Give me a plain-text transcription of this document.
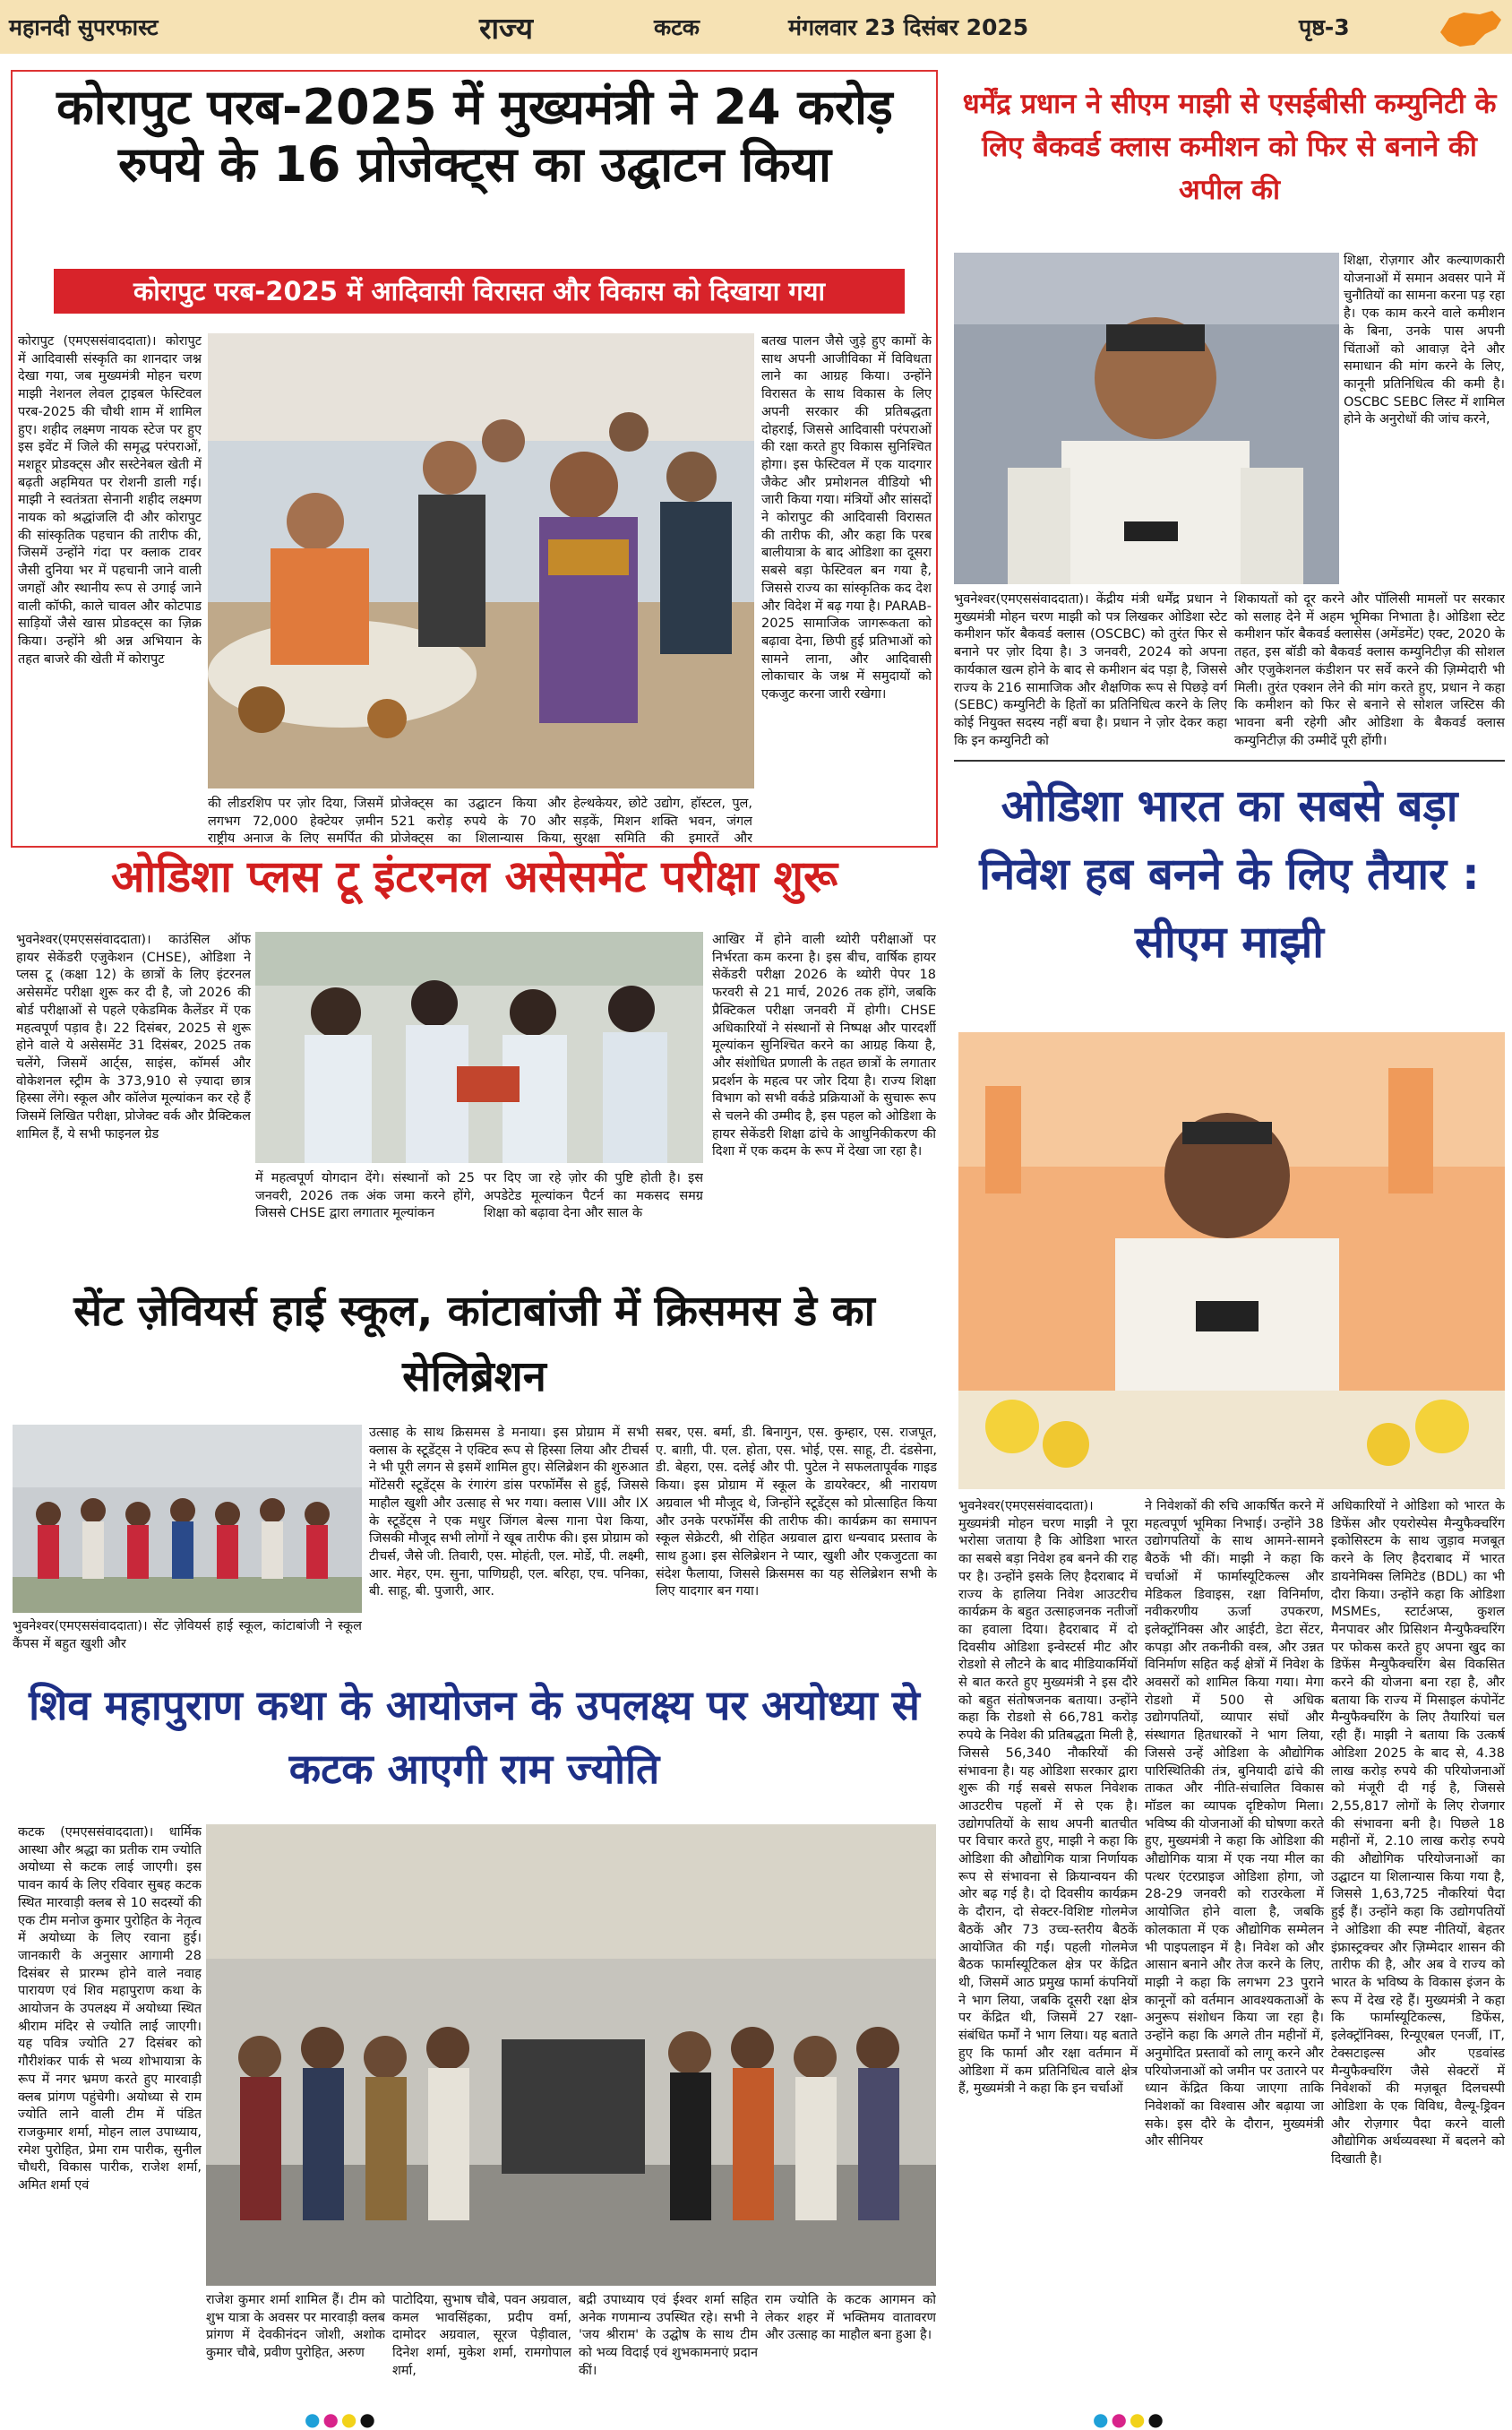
महानदी सुपरफास्ट	राज्य	कटक	मंगलवार 23 दिसंबर 2025	पृष्ठ-3
कोरापुट परब-2025 में मुख्यमंत्री ने 24 करोड़ रुपये के 16 प्रोजेक्ट्स का उद्घाटन किया
कोरापुट परब-2025 में आदिवासी विरासत और विकास को दिखाया गया
कोरापुट (एमएससंवाददाता)। कोरापुट में आदिवासी संस्कृति का शानदार जश्न देखा गया, जब मुख्यमंत्री मोहन चरण माझी नेशनल लेवल ट्राइबल फेस्टिवल परब-2025 की चौथी शाम में शामिल हुए। शहीद लक्ष्मण नायक स्टेज पर हुए इस इवेंट में जिले की समृद्ध परंपराओं, मशहूर प्रोडक्ट्स और सस्टेनेबल खेती में बढ़ती अहमियत पर रोशनी डाली गई। माझी ने स्वतंत्रता सेनानी शहीद लक्ष्मण नायक को श्रद्धांजलि दी और कोरापुट की सांस्कृतिक पहचान की तारीफ की, जिसमें उन्होंने गंदा पर क्लाक टावर जैसी दुनिया भर में पहचानी जाने वाली जगहों और स्थानीय रूप से उगाई जाने वाली कॉफी, काले चावल और कोटपाड साड़ियों जैसे खास प्रोडक्ट्स का ज़िक्र किया। उन्होंने श्री अन्न अभियान के तहत बाजरे की खेती में कोरापुट
की लीडरशिप पर ज़ोर दिया, जिसमें लगभग 72,000 हेक्टेयर ज़मीन राष्ट्रीय अनाज के लिए समर्पित की
प्रोजेक्ट्स का उद्घाटन किया और 521 करोड़ रुपये के 70 और प्रोजेक्ट्स का शिलान्यास किया,
हेल्थकेयर, छोटे उद्योग, हॉस्टल, पुल, सड़कें, मिशन शक्ति भवन, जंगल सुरक्षा समिति की इमारतें और
बतख पालन जैसे जुड़े हुए कामों के साथ अपनी आजीविका में विविधता लाने का आग्रह किया। उन्होंने विरासत के साथ विकास के लिए अपनी सरकार की प्रतिबद्धता दोहराई, जिससे आदिवासी परंपराओं की रक्षा करते हुए विकास सुनिश्चित होगा। इस फेस्टिवल में एक यादगार जैकेट और प्रमोशनल वीडियो भी जारी किया गया। मंत्रियों और सांसदों ने कोरापुट की आदिवासी विरासत की तारीफ की, और कहा कि परब बालीयात्रा के बाद ओडिशा का दूसरा सबसे बड़ा फेस्टिवल बन गया है, जिससे राज्य का सांस्कृतिक कद देश और विदेश में बढ़ गया है। PARAB-2025 सामाजिक जागरूकता को बढ़ावा देना, छिपी हुई प्रतिभाओं को सामने लाना, और आदिवासी लोकाचार के जश्न में समुदायों को एकजुट करना जारी रखेगा।
धर्मेंद्र प्रधान ने सीएम माझी से एसईबीसी कम्युनिटी के लिए बैकवर्ड क्लास कमीशन को फिर से बनाने की अपील की
शिक्षा, रोज़गार और कल्याणकारी योजनाओं में समान अवसर पाने में चुनौतियों का सामना करना पड़ रहा है। एक काम करने वाले कमीशन के बिना, उनके पास अपनी चिंताओं को आवाज़ देने और समाधान की मांग करने के लिए, कानूनी प्रतिनिधित्व की कमी है। OSCBC SEBC लिस्ट में शामिल होने के अनुरोधों की जांच करने,
भुवनेश्वर(एमएससंवाददाता)। केंद्रीय मंत्री धर्मेंद्र प्रधान ने मुख्यमंत्री मोहन चरण माझी को पत्र लिखकर ओडिशा स्टेट कमीशन फॉर बैकवर्ड क्लास (OSCBC) को तुरंत फिर से बनाने पर ज़ोर दिया है। 3 जनवरी, 2024 को अपना कार्यकाल खत्म होने के बाद से कमीशन बंद पड़ा है, जिससे राज्य के 216 सामाजिक और शैक्षणिक रूप से पिछड़े वर्ग (SEBC) कम्युनिटी के हितों का प्रतिनिधित्व करने के लिए कोई नियुक्त सदस्य नहीं बचा है। प्रधान ने ज़ोर देकर कहा कि इन कम्युनिटी को
शिकायतों को दूर करने और पॉलिसी मामलों पर सरकार को सलाह देने में अहम भूमिका निभाता है। ओडिशा स्टेट कमीशन फॉर बैकवर्ड क्लासेस (अमेंडमेंट) एक्ट, 2020 के तहत, इस बॉडी को बैकवर्ड क्लास कम्युनिटीज़ की सोशल और एजुकेशनल कंडीशन पर सर्वे करने की ज़िम्मेदारी भी मिली। तुरंत एक्शन लेने की मांग करते हुए, प्रधान ने कहा कि कमीशन को फिर से बनाने से सोशल जस्टिस की भावना बनी रहेगी और ओडिशा के बैकवर्ड क्लास कम्युनिटीज़ की उम्मीदें पूरी होंगी।
ओडिशा भारत का सबसे बड़ा निवेश हब बनने के लिए तैयार : सीएम माझी
भुवनेश्वर(एमएससंवाददाता)। मुख्यमंत्री मोहन चरण माझी ने पूरा भरोसा जताया है कि ओडिशा भारत का सबसे बड़ा निवेश हब बनने की राह पर है। उन्होंने इसके लिए हैदराबाद में राज्य के हालिया निवेश आउटरीच कार्यक्रम के बहुत उत्साहजनक नतीजों का हवाला दिया। हैदराबाद में दो दिवसीय ओडिशा इन्वेस्टर्स मीट और रोडशो से लौटने के बाद मीडियाकर्मियों से बात करते हुए मुख्यमंत्री ने इस दौरे को बहुत संतोषजनक बताया। उन्होंने कहा कि रोडशो से 66,781 करोड़ रुपये के निवेश की प्रतिबद्धता मिली है, जिससे 56,340 नौकरियों की संभावना है। यह ओडिशा सरकार द्वारा शुरू की गई सबसे सफल निवेशक आउटरीच पहलों में से एक है। उद्योगपतियों के साथ अपनी बातचीत पर विचार करते हुए, माझी ने कहा कि ओडिशा की औद्योगिक यात्रा निर्णायक रूप से संभावना से क्रियान्वयन की ओर बढ़ गई है। दो दिवसीय कार्यक्रम के दौरान, दो सेक्टर-विशिष्ट गोलमेज बैठकें और 73 उच्च-स्तरीय बैठकें आयोजित की गईं। पहली गोलमेज बैठक फार्मास्यूटिकल क्षेत्र पर केंद्रित थी, जिसमें आठ प्रमुख फार्मा कंपनियों ने भाग लिया, जबकि दूसरी रक्षा क्षेत्र पर केंद्रित थी, जिसमें 27 रक्षा-संबंधित फर्मों ने भाग लिया। यह बताते हुए कि फार्मा और रक्षा वर्तमान में ओडिशा में कम प्रतिनिधित्व वाले क्षेत्र हैं, मुख्यमंत्री ने कहा कि इन चर्चाओं
ने निवेशकों की रुचि आकर्षित करने में महत्वपूर्ण भूमिका निभाई। उन्होंने 38 उद्योगपतियों के साथ आमने-सामने बैठकें भी कीं। माझी ने कहा कि चर्चाओं में फार्मास्यूटिकल्स और मेडिकल डिवाइस, रक्षा विनिर्माण, नवीकरणीय ऊर्जा उपकरण, इलेक्ट्रॉनिक्स और आईटी, डेटा सेंटर, कपड़ा और तकनीकी वस्त्र, और उन्नत विनिर्माण सहित कई क्षेत्रों में निवेश के अवसरों को शामिल किया गया। मेगा रोडशो में 500 से अधिक उद्योगपतियों, व्यापार संघों और संस्थागत हितधारकों ने भाग लिया, जिससे उन्हें ओडिशा के औद्योगिक पारिस्थितिकी तंत्र, बुनियादी ढांचे की ताकत और नीति-संचालित विकास मॉडल का व्यापक दृष्टिकोण मिला। भविष्य की योजनाओं की घोषणा करते हुए, मुख्यमंत्री ने कहा कि ओडिशा की औद्योगिक यात्रा में एक नया मील का पत्थर एंटरप्राइज ओडिशा होगा, जो 28-29 जनवरी को राउरकेला में आयोजित होने वाला है, जबकि कोलकाता में एक औद्योगिक सम्मेलन भी पाइपलाइन में है। निवेश को और आसान बनाने और तेज करने के लिए, माझी ने कहा कि लगभग 23 पुराने कानूनों को वर्तमान आवश्यकताओं के अनुरूप संशोधन किया जा रहा है। उन्होंने कहा कि अगले तीन महीनों में, अनुमोदित प्रस्तावों को लागू करने और परियोजनाओं को जमीन पर उतारने पर ध्यान केंद्रित किया जाएगा ताकि निवेशकों का विश्वास और बढ़ाया जा सके। इस दौरे के दौरान, मुख्यमंत्री और सीनियर
अधिकारियों ने ओडिशा को भारत के डिफेंस और एयरोस्पेस मैन्युफैक्चरिंग इकोसिस्टम के साथ जुड़ाव मजबूत करने के लिए हैदराबाद में भारत डायनेमिक्स लिमिटेड (BDL) का भी दौरा किया। उन्होंने कहा कि ओडिशा MSMEs, स्टार्टअप्स, कुशल मैनपावर और प्रिसिशन मैन्युफैक्चरिंग पर फोकस करते हुए अपना खुद का डिफेंस मैन्युफैक्चरिंग बेस विकसित करने की योजना बना रहा है, और बताया कि राज्य में मिसाइल कंपोनेंट मैन्युफैक्चरिंग के लिए तैयारियां चल रही हैं। माझी ने बताया कि उत्कर्ष ओडिशा 2025 के बाद से, 4.38 लाख करोड़ रुपये की परियोजनाओं को मंजूरी दी गई है, जिससे 2,55,817 लोगों के लिए रोजगार की संभावना बनी है। पिछले 18 महीनों में, 2.10 लाख करोड़ रुपये की औद्योगिक परियोजनाओं का उद्घाटन या शिलान्यास किया गया है, जिससे 1,63,725 नौकरियां पैदा हुई हैं। उन्होंने कहा कि उद्योगपतियों ने ओडिशा की स्पष्ट नीतियों, बेहतर इंफ्रास्ट्रक्चर और ज़िम्मेदार शासन की तारीफ की है, और अब वे राज्य को भारत के भविष्य के विकास इंजन के रूप में देख रहे हैं। मुख्यमंत्री ने कहा कि फार्मास्यूटिकल्स, डिफेंस, इलेक्ट्रॉनिक्स, रिन्यूएबल एनर्जी, IT, टेक्सटाइल्स और एडवांस्ड मैन्युफैक्चरिंग जैसे सेक्टरों में निवेशकों की मज़बूत दिलचस्पी ओडिशा के एक विविध, वैल्यू-ड्रिवन और रोज़गार पैदा करने वाली औद्योगिक अर्थव्यवस्था में बदलने को दिखाती है।
ओडिशा प्लस टू इंटरनल असेसमेंट परीक्षा शुरू
भुवनेश्वर(एमएससंवाददाता)। काउंसिल ऑफ हायर सेकेंडरी एजुकेशन (CHSE), ओडिशा ने प्लस टू (कक्षा 12) के छात्रों के लिए इंटरनल असेसमेंट परीक्षा शुरू कर दी है, जो 2026 की बोर्ड परीक्षाओं से पहले एकेडमिक कैलेंडर में एक महत्वपूर्ण पड़ाव है। 22 दिसंबर, 2025 से शुरू होने वाले ये असेसमेंट 31 दिसंबर, 2025 तक चलेंगे, जिसमें आर्ट्स, साइंस, कॉमर्स और वोकेशनल स्ट्रीम के 373,910 से ज़्यादा छात्र हिस्सा लेंगे। स्कूल और कॉलेज मूल्यांकन कर रहे हैं जिसमें लिखित परीक्षा, प्रोजेक्ट वर्क और प्रैक्टिकल शामिल हैं, ये सभी फाइनल ग्रेड
में महत्वपूर्ण योगदान देंगे। संस्थानों को 25 जनवरी, 2026 तक अंक जमा करने होंगे, जिससे CHSE द्वारा लगातार मूल्यांकन
पर दिए जा रहे ज़ोर की पुष्टि होती है। इस अपडेटेड मूल्यांकन पैटर्न का मकसद समग्र शिक्षा को बढ़ावा देना और साल के
आखिर में होने वाली थ्योरी परीक्षाओं पर निर्भरता कम करना है। इस बीच, वार्षिक हायर सेकेंडरी परीक्षा 2026 के थ्योरी पेपर 18 फरवरी से 21 मार्च, 2026 तक होंगे, जबकि प्रैक्टिकल परीक्षा जनवरी में होगी। CHSE अधिकारियों ने संस्थानों से निष्पक्ष और पारदर्शी मूल्यांकन सुनिश्चित करने का आग्रह किया है, और संशोधित प्रणाली के तहत छात्रों के लगातार प्रदर्शन के महत्व पर जोर दिया है। राज्य शिक्षा विभाग को सभी वर्कडे प्रक्रियाओं के सुचारू रूप से चलने की उम्मीद है, इस पहल को ओडिशा के हायर सेकेंडरी शिक्षा ढांचे के आधुनिकीकरण की दिशा में एक कदम के रूप में देखा जा रहा है।
सेंट ज़ेवियर्स हाई स्कूल, कांटाबांजी में क्रिसमस डे का सेलिब्रेशन
भुवनेश्वर(एमएससंवाददाता)। सेंट ज़ेवियर्स हाई स्कूल, कांटाबांजी ने स्कूल कैंपस में बहुत खुशी और
उत्साह के साथ क्रिसमस डे मनाया। इस प्रोग्राम में सभी क्लास के स्टूडेंट्स ने एक्टिव रूप से हिस्सा लिया और टीचर्स ने भी पूरी लगन से इसमें शामिल हुए। सेलिब्रेशन की शुरुआत मोंटेसरी स्टूडेंट्स के रंगारंग डांस परफॉर्मेंस से हुई, जिससे माहौल खुशी और उत्साह से भर गया। क्लास VIII और IX के स्टूडेंट्स ने एक मधुर जिंगल बेल्स गाना पेश किया, जिसकी मौजूद सभी लोगों ने खूब तारीफ की। इस प्रोग्राम को टीचर्स, जैसे जी. तिवारी, एस. मोहंती, एल. मोर्डे, पी. लक्ष्मी, आर. मेहर, एम. सुना, पाणिग्रही, एल. बरिहा, एच. पनिका, बी. साहू, बी. पुजारी, आर.
सबर, एस. बर्मा, डी. बिनागुन, एस. कुम्हार, एस. राजपूत, ए. बाग़ी, पी. एल. होता, एस. भोई, एस. साहू, टी. दंडसेना, डी. बेहरा, एस. दलेई और पी. पुटेल ने सफलतापूर्वक गाइड किया। इस प्रोग्राम में स्कूल के डायरेक्टर, श्री नारायण अग्रवाल भी मौजूद थे, जिन्होंने स्टूडेंट्स को प्रोत्साहित किया और उनके परफॉर्मेंस की तारीफ की। कार्यक्रम का समापन स्कूल सेक्रेटरी, श्री रोहित अग्रवाल द्वारा धन्यवाद प्रस्ताव के साथ हुआ। इस सेलिब्रेशन ने प्यार, खुशी और एकजुटता का संदेश फैलाया, जिससे क्रिसमस का यह सेलिब्रेशन सभी के लिए यादगार बन गया।
शिव महापुराण कथा के आयोजन के उपलक्ष्य पर अयोध्या से कटक आएगी राम ज्योति
कटक (एमएससंवाददाता)। धार्मिक आस्था और श्रद्धा का प्रतीक राम ज्योति अयोध्या से कटक लाई जाएगी। इस पावन कार्य के लिए रविवार सुबह कटक स्थित मारवाड़ी क्लब से 10 सदस्यों की एक टीम मनोज कुमार पुरोहित के नेतृत्व में अयोध्या के लिए रवाना हुई। जानकारी के अनुसार आगामी 28 दिसंबर से प्रारम्भ होने वाले नवाह पारायण एवं शिव महापुराण कथा के आयोजन के उपलक्ष्य में अयोध्या स्थित श्रीराम मंदिर से ज्योति लाई जाएगी। यह पवित्र ज्योति 27 दिसंबर को गौरीशंकर पार्क से भव्य शोभायात्रा के रूप में नगर भ्रमण करते हुए मारवाड़ी क्लब प्रांगण पहुंचेगी। अयोध्या से राम ज्योति लाने वाली टीम में पंडित राजकुमार शर्मा, मोहन लाल उपाध्याय, रमेश पुरोहित, प्रेमा राम पारीक, सुनील चौधरी, विकास पारीक, राजेश शर्मा, अमित शर्मा एवं
राजेश कुमार शर्मा शामिल हैं। टीम को शुभ यात्रा के अवसर पर मारवाड़ी क्लब प्रांगण में देवकीनंदन जोशी, अशोक कुमार चौबे, प्रवीण पुरोहित, अरुण
पाटोदिया, सुभाष चौबे, पवन अग्रवाल, कमल भावसिंहका, प्रदीप वर्मा, दामोदर अग्रवाल, सूरज पेड़ीवाल, दिनेश शर्मा, मुकेश शर्मा, रामगोपाल शर्मा,
बद्री उपाध्याय एवं ईश्वर शर्मा सहित अनेक गणमान्य उपस्थित रहे। सभी ने 'जय श्रीराम' के उद्घोष के साथ टीम को भव्य विदाई एवं शुभकामनाएं प्रदान कीं।
राम ज्योति के कटक आगमन को लेकर शहर में भक्तिमय वातावरण और उत्साह का माहौल बना हुआ है।
●●●●	●●●●
